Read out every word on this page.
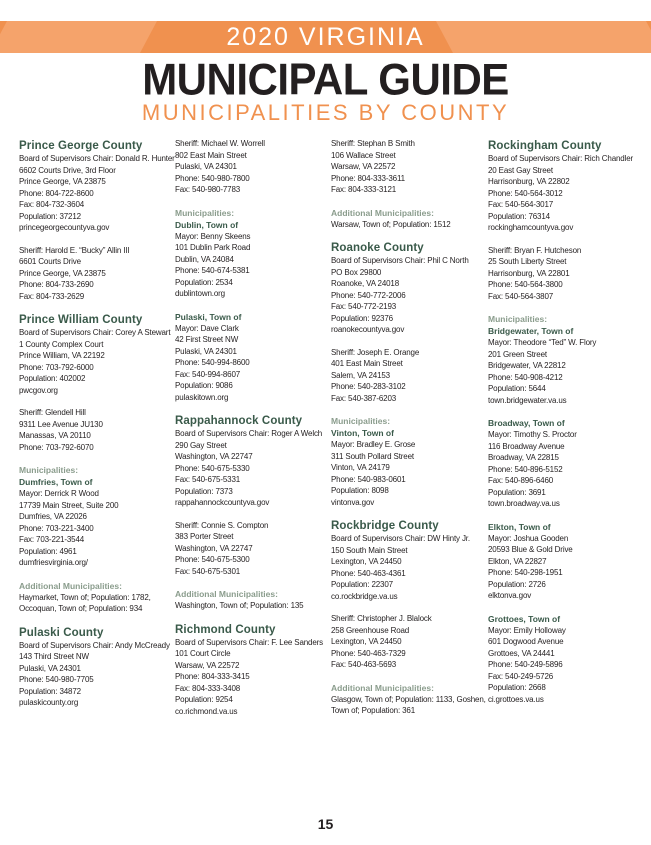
2020 VIRGINIA
MUNICIPAL GUIDE
MUNICIPALITIES BY COUNTY
Prince George County
Board of Supervisors Chair: Donald R. Hunter
6602 Courts Drive, 3rd Floor
Prince George, VA 23875
Phone: 804-722-8600
Fax: 804-732-3604
Population: 37212
princegeorgecountyva.gov
Sheriff: Harold E. “Bucky” Allin III
6601 Courts Drive
Prince George, VA 23875
Phone: 804-733-2690
Fax: 804-733-2629
Prince William County
Board of Supervisors Chair: Corey A Stewart
1 County Complex Court
Prince William, VA 22192
Phone: 703-792-6000
Population: 402002
pwcgov.org
Sheriff: Glendell Hill
9311 Lee Avenue JU130
Manassas, VA 20110
Phone: 703-792-6070
Municipalities:
Dumfries, Town of
Mayor: Derrick R Wood
17739 Main Street, Suite 200
Dumfries, VA 22026
Phone: 703-221-3400
Fax: 703-221-3544
Population: 4961
dumfriesvirginia.org/
Additional Municipalities:
Haymarket, Town of; Population: 1782,
Occoquan, Town of; Population: 934
Pulaski County
Board of Supervisors Chair: Andy McCready
143 Third Street NW
Pulaski, VA 24301
Phone: 540-980-7705
Population: 34872
pulaskicounty.org
Sheriff: Michael W. Worrell
802 East Main Street
Pulaski, VA 24301
Phone: 540-980-7800
Fax: 540-980-7783
Municipalities:
Dublin, Town of
Mayor: Benny Skeens
101 Dublin Park Road
Dublin, VA 24084
Phone: 540-674-5381
Population: 2534
dublintown.org
Pulaski, Town of
Mayor: Dave Clark
42 First Street NW
Pulaski, VA 24301
Phone: 540-994-8600
Fax: 540-994-8607
Population: 9086
pulaskitown.org
Rappahannock County
Board of Supervisors Chair: Roger A Welch
290 Gay Street
Washington, VA 22747
Phone: 540-675-5330
Fax: 540-675-5331
Population: 7373
rappahannockcountyva.gov
Sheriff: Connie S. Compton
383 Porter Street
Washington, VA 22747
Phone: 540-675-5300
Fax: 540-675-5301
Additional Municipalities:
Washington, Town of; Population: 135
Richmond County
Board of Supervisors Chair: F. Lee Sanders
101 Court Circle
Warsaw, VA 22572
Phone: 804-333-3415
Fax: 804-333-3408
Population: 9254
co.richmond.va.us
Sheriff: Stephan B Smith
106 Wallace Street
Warsaw, VA 22572
Phone: 804-333-3611
Fax: 804-333-3121
Additional Municipalities:
Warsaw, Town of; Population: 1512
Roanoke County
Board of Supervisors Chair: Phil C North
PO Box 29800
Roanoke, VA 24018
Phone: 540-772-2006
Fax: 540-772-2193
Population: 92376
roanokecountyva.gov
Sheriff: Joseph E. Orange
401 East Main Street
Salem, VA 24153
Phone: 540-283-3102
Fax: 540-387-6203
Municipalities:
Vinton, Town of
Mayor: Bradley E. Grose
311 South Pollard Street
Vinton, VA 24179
Phone: 540-983-0601
Population: 8098
vintonva.gov
Rockbridge County
Board of Supervisors Chair: DW Hinty Jr.
150 South Main Street
Lexington, VA 24450
Phone: 540-463-4361
Population: 22307
co.rockbridge.va.us
Sheriff: Christopher J. Blalock
258 Greenhouse Road
Lexington, VA 24450
Phone: 540-463-7329
Fax: 540-463-5693
Additional Municipalities:
Glasgow, Town of; Population: 1133, Goshen,
Town of; Population: 361
Rockingham County
Board of Supervisors Chair: Rich Chandler
20 East Gay Street
Harrisonburg, VA 22802
Phone: 540-564-3012
Fax: 540-564-3017
Population: 76314
rockinghamcountyva.gov
Sheriff: Bryan F. Hutcheson
25 South Liberty Street
Harrisonburg, VA 22801
Phone: 540-564-3800
Fax: 540-564-3807
Municipalities:
Bridgewater, Town of
Mayor: Theodore “Ted” W. Flory
201 Green Street
Bridgewater, VA 22812
Phone: 540-908-4212
Population: 5644
town.bridgewater.va.us
Broadway, Town of
Mayor: Timothy S. Proctor
116 Broadway Avenue
Broadway, VA 22815
Phone: 540-896-5152
Fax: 540-896-6460
Population: 3691
town.broadway.va.us
Elkton, Town of
Mayor: Joshua Gooden
20593 Blue & Gold Drive
Elkton, VA 22827
Phone: 540-298-1951
Population: 2726
elktonva.gov
Grottoes, Town of
Mayor: Emily Holloway
601 Dogwood Avenue
Grottoes, VA 24441
Phone: 540-249-5896
Fax: 540-249-5726
Population: 2668
ci.grottoes.va.us
15
